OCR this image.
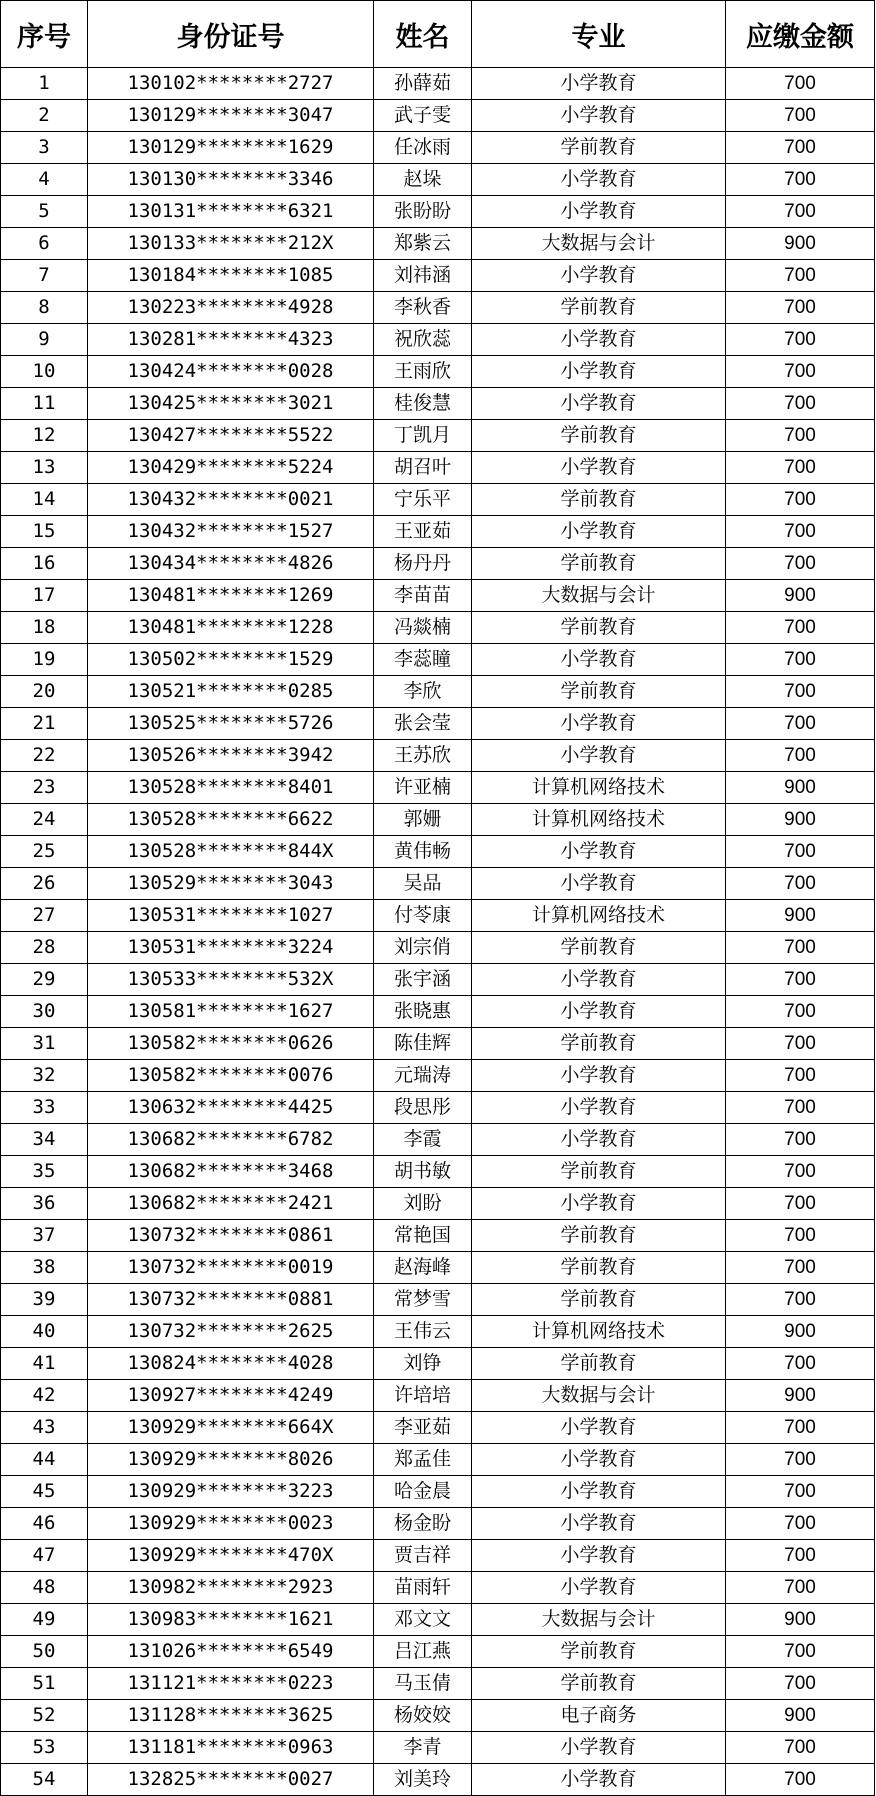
序号	身份证号	姓名	专业	应缴金额
1	130102********2727	孙薛茹	小学教育	700
2	130129********3047	武子雯	小学教育	700
3	130129********1629	任冰雨	学前教育	700
4	130130********3346	赵垛	小学教育	700
5	130131********6321	张盼盼	小学教育	700
6	130133********212X	郑紫云	大数据与会计	900
7	130184********1085	刘祎涵	小学教育	700
8	130223********4928	李秋香	学前教育	700
9	130281********4323	祝欣蕊	小学教育	700
10	130424********0028	王雨欣	小学教育	700
11	130425********3021	桂俊慧	小学教育	700
12	130427********5522	丁凯月	学前教育	700
13	130429********5224	胡召叶	小学教育	700
14	130432********0021	宁乐平	学前教育	700
15	130432********1527	王亚茹	小学教育	700
16	130434********4826	杨丹丹	学前教育	700
17	130481********1269	李苗苗	大数据与会计	900
18	130481********1228	冯燚楠	学前教育	700
19	130502********1529	李蕊瞳	小学教育	700
20	130521********0285	李欣	学前教育	700
21	130525********5726	张会莹	小学教育	700
22	130526********3942	王苏欣	小学教育	700
23	130528********8401	许亚楠	计算机网络技术	900
24	130528********6622	郭姗	计算机网络技术	900
25	130528********844X	黄伟畅	小学教育	700
26	130529********3043	吴品	小学教育	700
27	130531********1027	付苓康	计算机网络技术	900
28	130531********3224	刘宗俏	学前教育	700
29	130533********532X	张宇涵	小学教育	700
30	130581********1627	张晓惠	小学教育	700
31	130582********0626	陈佳辉	学前教育	700
32	130582********0076	元瑞涛	小学教育	700
33	130632********4425	段思彤	小学教育	700
34	130682********6782	李霞	小学教育	700
35	130682********3468	胡书敏	学前教育	700
36	130682********2421	刘盼	小学教育	700
37	130732********0861	常艳国	学前教育	700
38	130732********0019	赵海峰	学前教育	700
39	130732********0881	常梦雪	学前教育	700
40	130732********2625	王伟云	计算机网络技术	900
41	130824********4028	刘铮	学前教育	700
42	130927********4249	许培培	大数据与会计	900
43	130929********664X	李亚茹	小学教育	700
44	130929********8026	郑孟佳	小学教育	700
45	130929********3223	哈金晨	小学教育	700
46	130929********0023	杨金盼	小学教育	700
47	130929********470X	贾吉祥	小学教育	700
48	130982********2923	苗雨轩	小学教育	700
49	130983********1621	邓文文	大数据与会计	900
50	131026********6549	吕江燕	学前教育	700
51	131121********0223	马玉倩	学前教育	700
52	131128********3625	杨姣姣	电子商务	900
53	131181********0963	李青	小学教育	700
54	132825********0027	刘美玲	小学教育	700
